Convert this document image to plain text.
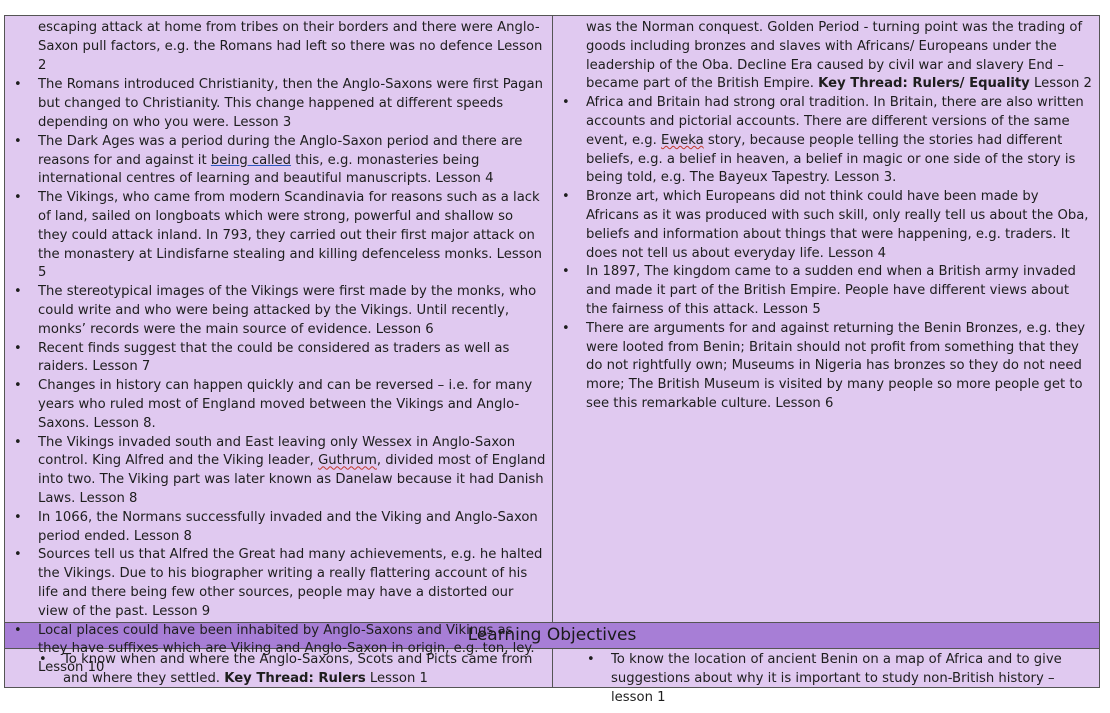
escaping attack at home from tribes on their borders and there were Anglo-Saxon pull factors, e.g. the Romans had left so there was no defence Lesson 2
• The Romans introduced Christianity, then the Anglo-Saxons were first Pagan but changed to Christianity. This change happened at different speeds depending on who you were. Lesson 3
• The Dark Ages was a period during the Anglo-Saxon period and there are reasons for and against it being called this, e.g. monasteries being international centres of learning and beautiful manuscripts. Lesson 4
• The Vikings, who came from modern Scandinavia for reasons such as a lack of land, sailed on longboats which were strong, powerful and shallow so they could attack inland. In 793, they carried out their first major attack on the monastery at Lindisfarne stealing and killing defenceless monks. Lesson 5
• The stereotypical images of the Vikings were first made by the monks, who could write and who were being attacked by the Vikings. Until recently, monks’ records were the main source of evidence. Lesson 6
• Recent finds suggest that the could be considered as traders as well as raiders. Lesson 7
• Changes in history can happen quickly and can be reversed – i.e. for many years who ruled most of England moved between the Vikings and Anglo-Saxons. Lesson 8.
• The Vikings invaded south and East leaving only Wessex in Anglo-Saxon control. King Alfred and the Viking leader, Guthrum, divided most of England into two. The Viking part was later known as Danelaw because it had Danish Laws. Lesson 8
• In 1066, the Normans successfully invaded and the Viking and Anglo-Saxon period ended. Lesson 8
• Sources tell us that Alfred the Great had many achievements, e.g. he halted the Vikings. Due to his biographer writing a really flattering account of his life and there being few other sources, people may have a distorted our view of the past. Lesson 9
• Local places could have been inhabited by Anglo-Saxons and Vikings as they have suffixes which are Viking and Anglo-Saxon in origin, e.g. ton, ley. Lesson 10
was the Norman conquest. Golden Period - turning point was the trading of goods including bronzes and slaves with Africans/ Europeans under the leadership of the Oba. Decline Era caused by civil war and slavery End – became part of the British Empire. Key Thread: Rulers/ Equality Lesson 2
• Africa and Britain had strong oral tradition. In Britain, there are also written accounts and pictorial accounts. There are different versions of the same event, e.g. Eweka story, because people telling the stories had different beliefs, e.g. a belief in heaven, a belief in magic or one side of the story is being told, e.g. The Bayeux Tapestry. Lesson 3.
• Bronze art, which Europeans did not think could have been made by Africans as it was produced with such skill, only really tell us about the Oba, beliefs and information about things that were happening, e.g. traders. It does not tell us about everyday life. Lesson 4
• In 1897, The kingdom came to a sudden end when a British army invaded and made it part of the British Empire. People have different views about the fairness of this attack. Lesson 5
• There are arguments for and against returning the Benin Bronzes, e.g. they were looted from Benin; Britain should not profit from something that they do not rightfully own; Museums in Nigeria has bronzes so they do not need more; The British Museum is visited by many people so more people get to see this remarkable culture. Lesson 6
Learning Objectives
• To know when and where the Anglo-Saxons, Scots and Picts came from and where they settled. Key Thread: Rulers Lesson 1
• To know the location of ancient Benin on a map of Africa and to give suggestions about why it is important to study non-British history – lesson 1
